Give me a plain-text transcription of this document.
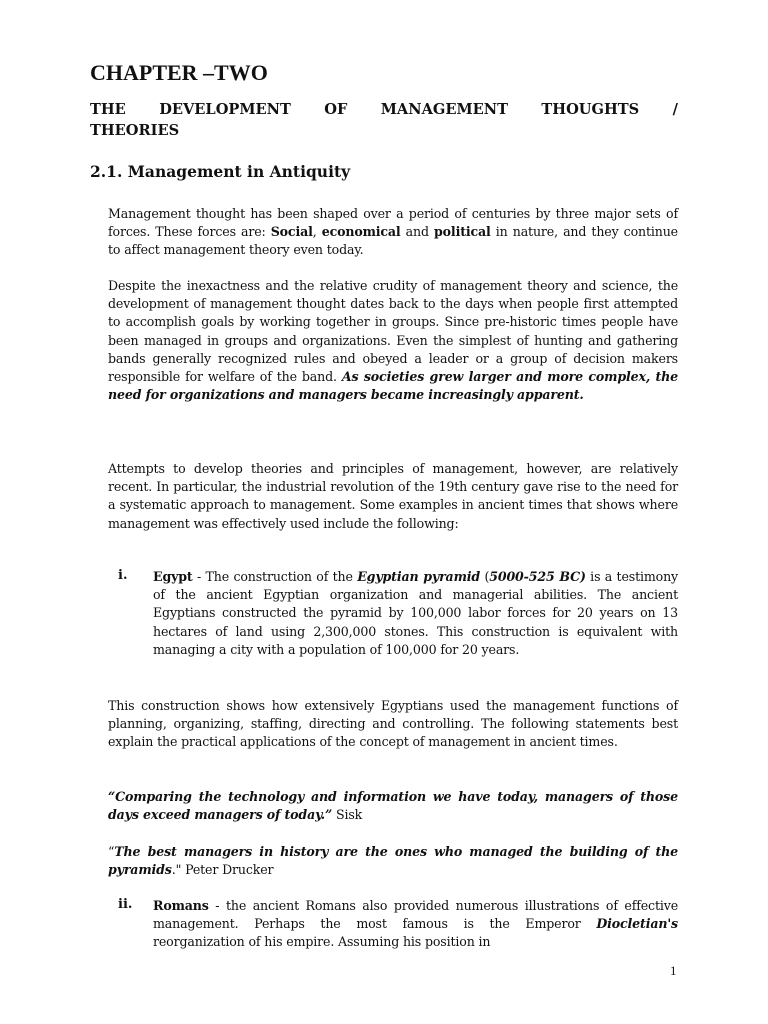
CHAPTER –TWO
THE DEVELOPMENT OF MANAGEMENT THOUGHTS /
THEORIES
2.1. Management in Antiquity

Management thought has been shaped over a period of centuries by three major sets of forces. These forces are: Social, economical and political in nature, and they continue to affect management theory even today.

Despite the inexactness and the relative crudity of management theory and science, the development of management thought dates back to the days when people first attempted to accomplish goals by working together in groups. Since pre-historic times people have been managed in groups and organizations. Even the simplest of hunting and gathering bands generally recognized rules and obeyed a leader or a group of decision makers responsible for welfare of the band. As societies grew larger and more complex, the need for organizations and managers became increasingly apparent.

Attempts to develop theories and principles of management, however, are relatively recent. In particular, the industrial revolution of the 19th century gave rise to the need for a systematic approach to management. Some examples in ancient times that shows where management was effectively used include the following:

i. Egypt - The construction of the Egyptian pyramid (5000-525 BC) is a testimony of the ancient Egyptian organization and managerial abilities. The ancient Egyptians constructed the pyramid by 100,000 labor forces for 20 years on 13 hectares of land using 2,300,000 stones. This construction is equivalent with managing a city with a population of 100,000 for 20 years.

This construction shows how extensively Egyptians used the management functions of planning, organizing, staffing, directing and controlling. The following statements best explain the practical applications of the concept of management in ancient times.

“Comparing the technology and information we have today, managers of those days exceed managers of today.” Sisk

“The best managers in history are the ones who managed the building of the pyramids." Peter Drucker

ii. Romans - the ancient Romans also provided numerous illustrations of effective management. Perhaps the most famous is the Emperor Diocletian's reorganization of his empire. Assuming his position in

1
